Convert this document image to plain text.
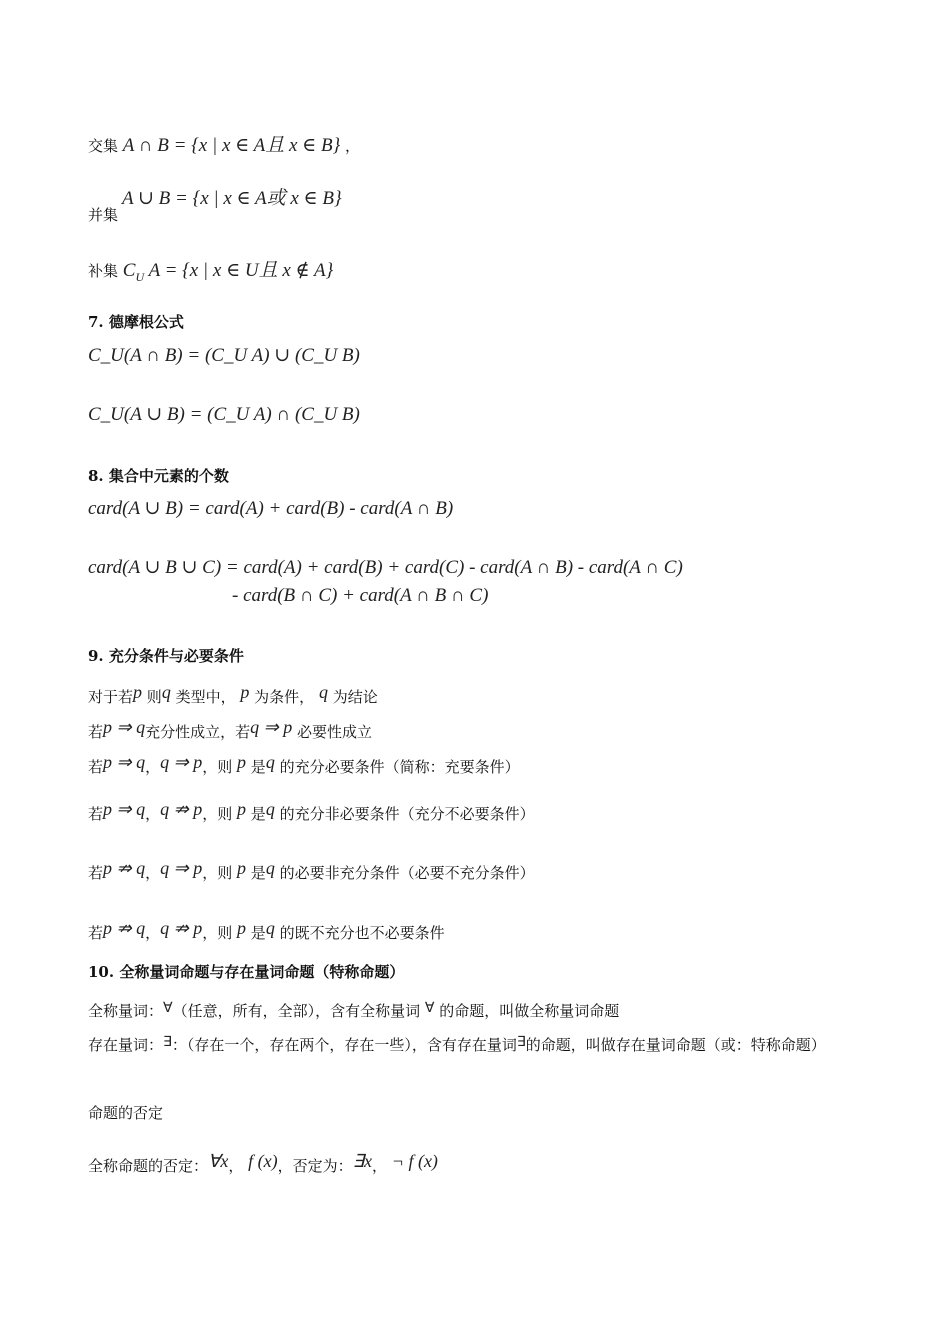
交集 A ∩ B = {x | x ∈ A且 x ∈ B} ，
A ∪ B = {x | x ∈ A或 x ∈ B}
并集
补集 $C_U$ A = {x | x ∈ U且 x ∉ A}
7. 德摩根公式
C_U(A ∩ B) = (C_U A) ∪ (C_U B)
C_U(A ∪ B) = (C_U A) ∩ (C_U B)
8. 集合中元素的个数
card(A ∪ B) = card(A) + card(B) - card(A ∩ B)
card(A ∪ B ∪ C) = card(A) + card(B) + card(C) - card(A ∩ B) - card(A ∩ C)
- card(B ∩ C) + card(A ∩ B ∩ C)
9. 充分条件与必要条件
对于若p 则q 类型中， p 为条件， q 为结论
若p ⇒ q充分性成立，若q ⇒ p 必要性成立
若p ⇒ q，q ⇒ p，则 p 是q 的充分必要条件（简称：充要条件）
若p ⇒ q，q ⇏ p，则 p 是q 的充分非必要条件（充分不必要条件）
若p ⇏ q，q ⇒ p，则 p 是q 的必要非充分条件（必要不充分条件）
若p ⇏ q，q ⇏ p，则 p 是q 的既不充分也不必要条件
10. 全称量词命题与存在量词命题（特称命题）
全称量词：∀（任意，所有，全部），含有全称量词 ∀ 的命题，叫做全称量词命题
存在量词：∃：（存在一个，存在两个，存在一些），含有存在量词∃的命题，叫做存在量词命题（或：特称命题）
命题的否定
全称命题的否定：∀x， f (x)，否定为：∃x， ¬ f (x)
